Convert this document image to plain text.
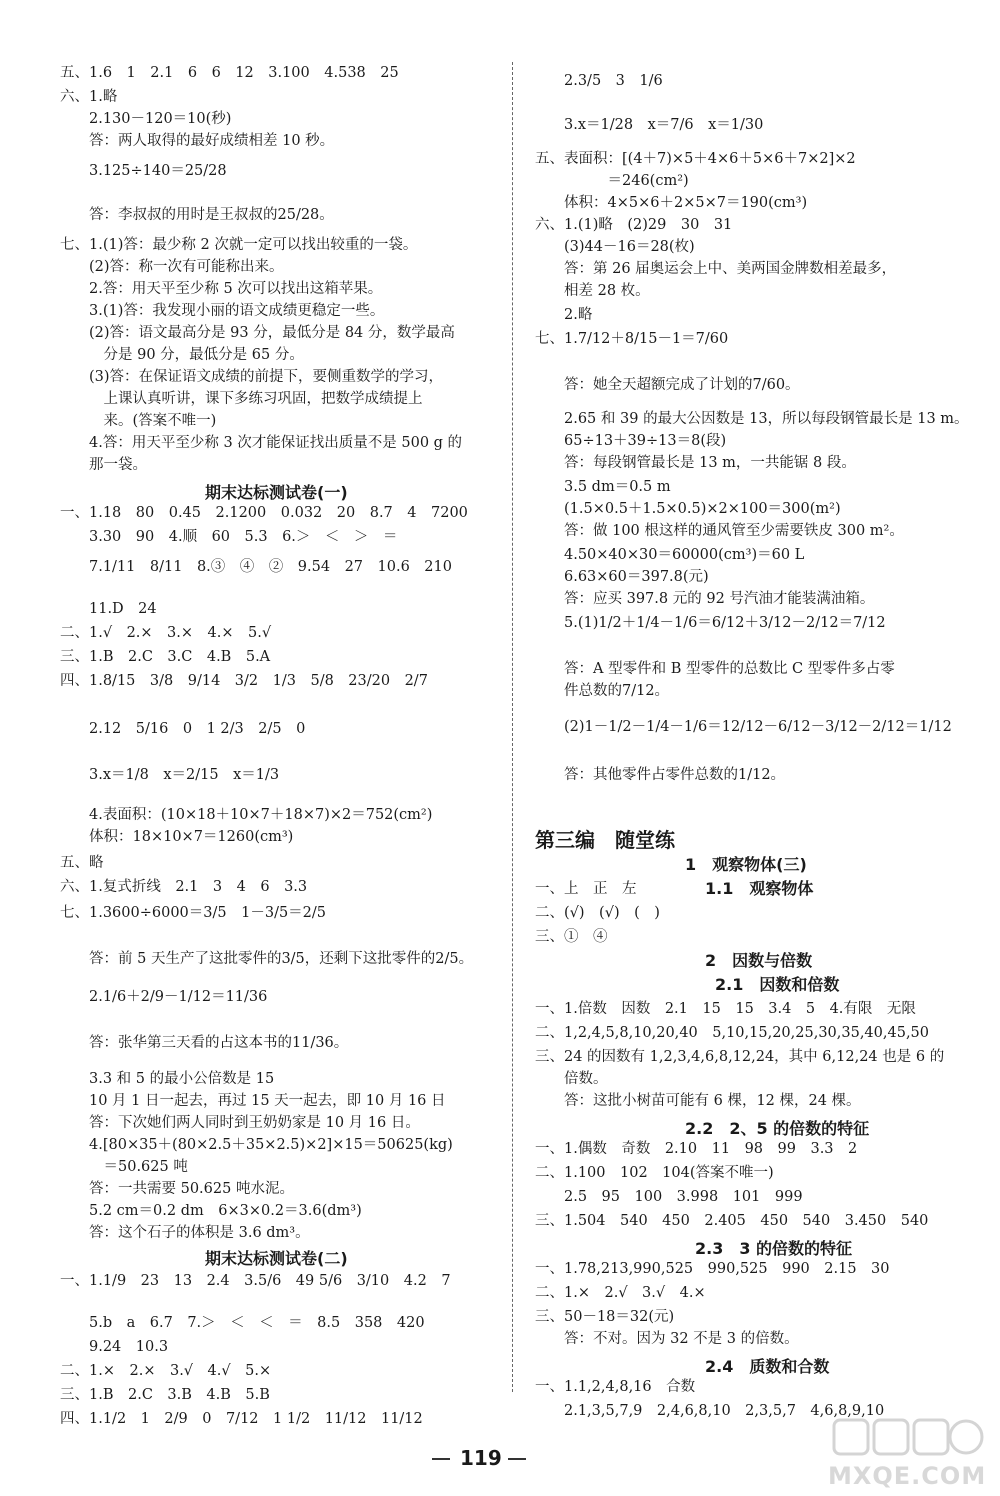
五、1.6　1　2.1　6　6　12　3.100　4.538　25
六、1.略
　　2.130－120＝10(秒)
　　答：两人取得的最好成绩相差 10 秒。
　　3.125÷140＝25/28
　　答：李叔叔的用时是王叔叔的25/28。
七、1.(1)答：最少称 2 次就一定可以找出较重的一袋。
　　(2)答：称一次有可能称出来。
　　2.答：用天平至少称 5 次可以找出这箱苹果。
　　3.(1)答：我发现小丽的语文成绩更稳定一些。
　　(2)答：语文最高分是 93 分，最低分是 84 分，数学最高
　　　分是 90 分，最低分是 65 分。
　　(3)答：在保证语文成绩的前提下，要侧重数学的学习，
　　　上课认真听讲，课下多练习巩固，把数学成绩提上
　　　来。(答案不唯一)
　　4.答：用天平至少称 3 次才能保证找出质量不是 500 g 的
　　那一袋。
一、1.18　80　0.45　2.1200　0.032　20　8.7　4　7200
　　3.30　90　4.顺　60　5.3　6.＞　＜　＞　＝
　　7.1/11　8/11　8.③　④　②　9.54　27　10.6　210
　　11.D　24
二、1.√　2.×　3.×　4.×　5.√
三、1.B　2.C　3.C　4.B　5.A
四、1.8/15　3/8　9/14　3/2　1/3　5/8　23/20　2/7
　　2.12　5/16　0　1 2/3　2/5　0
　　3.x＝1/8　x＝2/15　x＝1/3
　　4.表面积：(10×18＋10×7＋18×7)×2＝752(cm²)
　　体积：18×10×7＝1260(cm³)
五、略
六、1.复式折线　2.1　3　4　6　3.3
七、1.3600÷6000＝3/5　1－3/5＝2/5
　　答：前 5 天生产了这批零件的3/5，还剩下这批零件的2/5。
　　2.1/6＋2/9－1/12＝11/36
　　答：张华第三天看的占这本书的11/36。
　　3.3 和 5 的最小公倍数是 15
　　10 月 1 日一起去，再过 15 天一起去，即 10 月 16 日
　　答：下次她们两人同时到王奶奶家是 10 月 16 日。
　　4.[80×35＋(80×2.5＋35×2.5)×2]×15＝50625(kg)
　　　＝50.625 吨
　　答：一共需要 50.625 吨水泥。
　　5.2 cm＝0.2 dm　6×3×0.2＝3.6(dm³)
　　答：这个石子的体积是 3.6 dm³。
一、1.1/9　23　13　2.4　3.5/6　49 5/6　3/10　4.2　7
　　5.b　a　6.7　7.＞　＜　＜　＝　8.5　358　420
　　9.24　10.3
二、1.×　2.×　3.√　4.√　5.×
三、1.B　2.C　3.B　4.B　5.B
四、1.1/2　1　2/9　0　7/12　1 1/2　11/12　11/12
期末达标测试卷(一)
期末达标测试卷(二)
　　2.3/5　3　1/6
　　3.x＝1/28　x＝7/6　x＝1/30
五、表面积：[(4＋7)×5＋4×6＋5×6＋7×2]×2
　　　　　＝246(cm²)
　　体积：4×5×6＋2×5×7＝190(cm³)
六、1.(1)略　(2)29　30　31
　　(3)44－16＝28(枚)
　　答：第 26 届奥运会上中、美两国金牌数相差最多，
　　相差 28 枚。
　　2.略
七、1.7/12＋8/15－1＝7/60
　　答：她全天超额完成了计划的7/60。
　　2.65 和 39 的最大公因数是 13，所以每段钢管最长是 13 m。
　　65÷13＋39÷13＝8(段)
　　答：每段钢管最长是 13 m，一共能锯 8 段。
　　3.5 dm＝0.5 m
　　(1.5×0.5＋1.5×0.5)×2×100＝300(m²)
　　答：做 100 根这样的通风管至少需要铁皮 300 m²。
　　4.50×40×30＝60000(cm³)＝60 L
　　6.63×60＝397.8(元)
　　答：应买 397.8 元的 92 号汽油才能装满油箱。
　　5.(1)1/2＋1/4－1/6＝6/12＋3/12－2/12＝7/12
　　答：A 型零件和 B 型零件的总数比 C 型零件多占零
　　件总数的7/12。
　　(2)1－1/2－1/4－1/6＝12/12－6/12－3/12－2/12＝1/12
　　答：其他零件占零件总数的1/12。
一、上　正　左
二、(√)　(√)　(　)
三、①　④
一、1.倍数　因数　2.1　15　15　3.4　5　4.有限　无限
二、1,2,4,5,8,10,20,40　5,10,15,20,25,30,35,40,45,50
三、24 的因数有 1,2,3,4,6,8,12,24，其中 6,12,24 也是 6 的
　　倍数。
　　答：这批小树苗可能有 6 棵，12 棵，24 棵。
一、1.偶数　奇数　2.10　11　98　99　3.3　2
二、1.100　102　104(答案不唯一)
　　2.5　95　100　3.998　101　999
三、1.504　540　450　2.405　450　540　3.450　540
一、1.78,213,990,525　990,525　990　2.15　30
二、1.×　2.√　3.√　4.×
三、50－18＝32(元)
　　答：不对。因为 32 不是 3 的倍数。
一、1.1,2,4,8,16　合数
　　2.1,3,5,7,9　2,4,6,8,10　2,3,5,7　4,6,8,9,10
第三编　随堂练
1　观察物体(三)
1.1　观察物体
2　因数与倍数
2.1　因数和倍数
2.2　2、5 的倍数的特征
2.3　3 的倍数的特征
2.4　质数和合数
119
MXQE.COM
